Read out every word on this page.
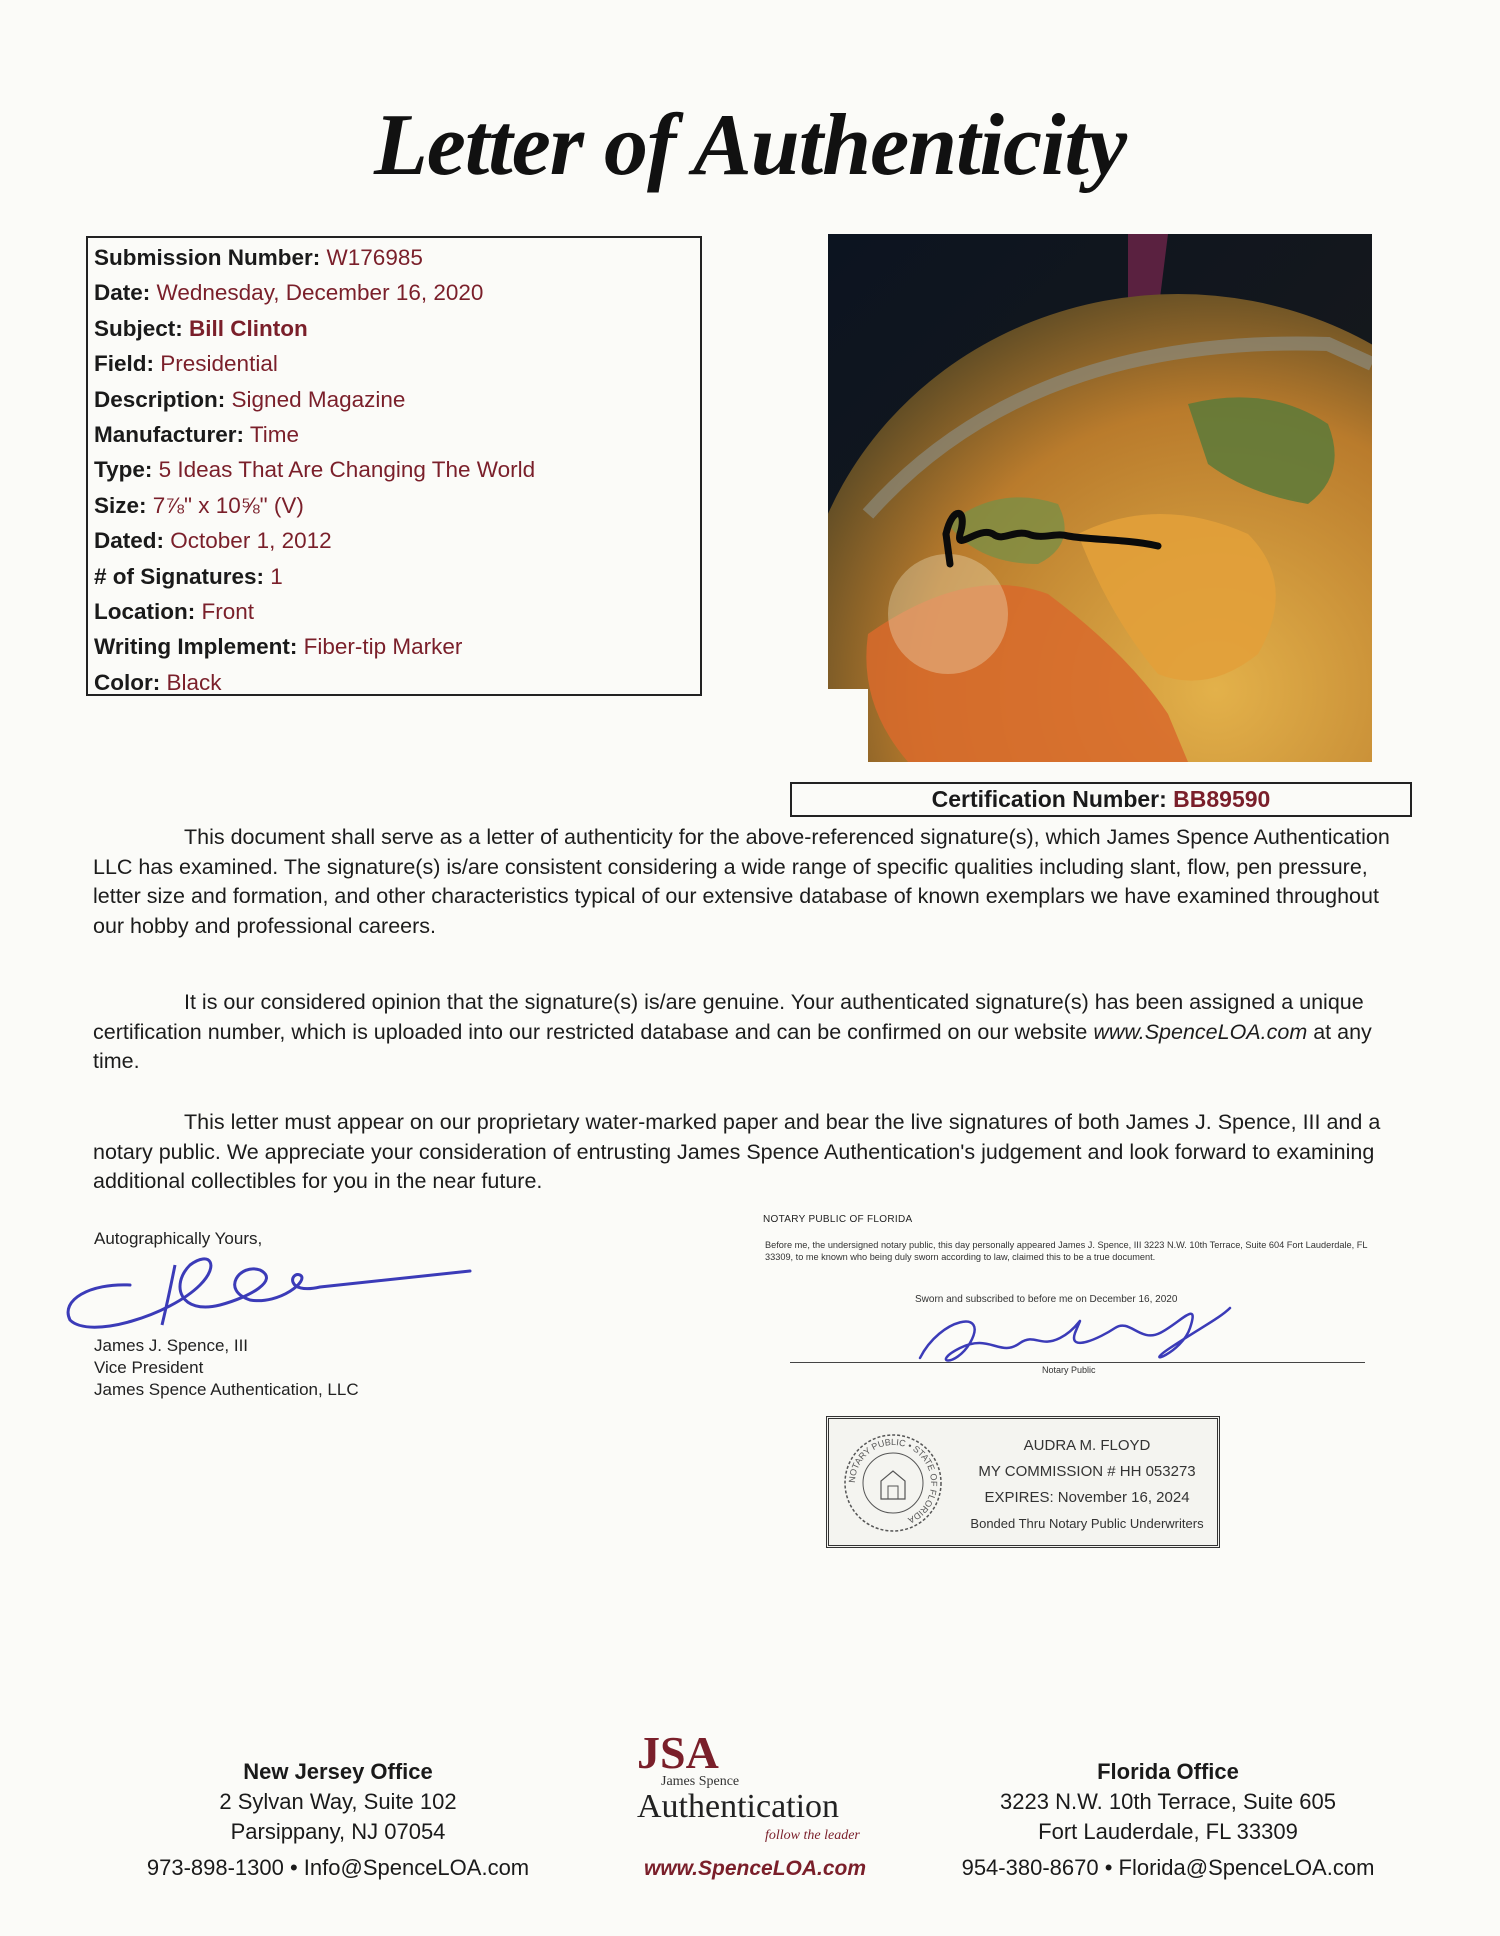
Letter of Authenticity
Submission Number: W176985
Date: Wednesday, December 16, 2020
Subject: Bill Clinton
Field: Presidential
Description: Signed Magazine
Manufacturer: Time
Type: 5 Ideas That Are Changing The World
Size: 7⅞" x 10⅝" (V)
Dated: October 1, 2012
# of Signatures: 1
Location: Front
Writing Implement: Fiber-tip Marker
Color: Black
Certification Number: BB89590

This document shall serve as a letter of authenticity for the above-referenced signature(s), which James Spence Authentication LLC has examined. The signature(s) is/are consistent considering a wide range of specific qualities including slant, flow, pen pressure, letter size and formation, and other characteristics typical of our extensive database of known exemplars we have examined throughout our hobby and professional careers.

It is our considered opinion that the signature(s) is/are genuine. Your authenticated signature(s) has been assigned a unique certification number, which is uploaded into our restricted database and can be confirmed on our website www.SpenceLOA.com at any time.

This letter must appear on our proprietary water-marked paper and bear the live signatures of both James J. Spence, III and a notary public. We appreciate your consideration of entrusting James Spence Authentication's judgement and look forward to examining additional collectibles for you in the near future.

Autographically Yours,
James J. Spence, III
Vice President
James Spence Authentication, LLC
NOTARY PUBLIC OF FLORIDA
Before me, the undersigned notary public, this day personally appeared James J. Spence, III 3223 N.W. 10th Terrace, Suite 604 Fort Lauderdale, FL 33309, to me known who being duly sworn according to law, claimed this to be a true document.
Sworn and subscribed to before me on December 16, 2020
Notary Public
NOTARY PUBLIC • STATE OF FLORIDA
AUDRA M. FLOYD
MY COMMISSION # HH 053273
EXPIRES: November 16, 2024
Bonded Thru Notary Public Underwriters
New Jersey Office
2 Sylvan Way, Suite 102
Parsippany, NJ 07054
973-898-1300 • Info@SpenceLOA.com
JSA
James Spence
Authentication
follow the leader
www.SpenceLOA.com
Florida Office
3223 N.W. 10th Terrace, Suite 605
Fort Lauderdale, FL 33309
954-380-8670 • Florida@SpenceLOA.com
